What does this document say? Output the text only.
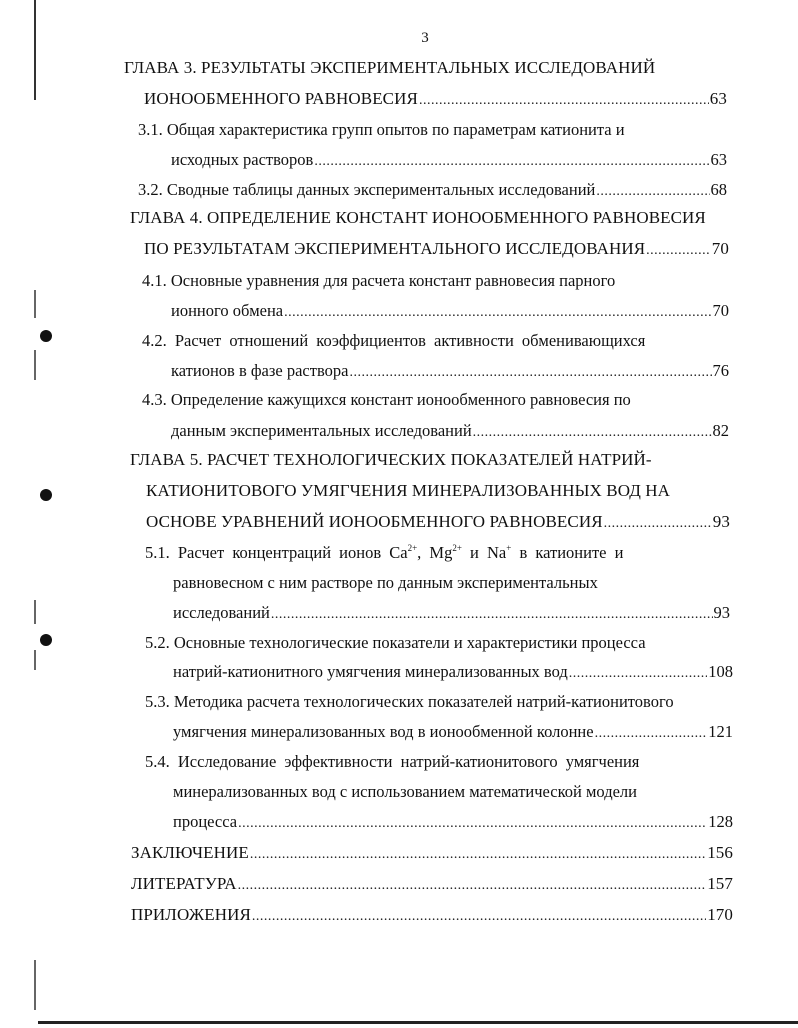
3
ГЛАВА 3. РЕЗУЛЬТАТЫ ЭКСПЕРИМЕНТАЛЬНЫХ ИССЛЕДОВАНИЙ
ИОНООБМЕННОГО РАВНОВЕСИЯ .....	63
3.1. Общая характеристика групп опытов по параметрам катионита и
исходных растворов .....	63
3.2. Сводные таблицы данных экспериментальных исследований .....	68
ГЛАВА 4. ОПРЕДЕЛЕНИЕ КОНСТАНТ ИОНООБМЕННОГО РАВНОВЕСИЯ
ПО РЕЗУЛЬТАТАМ ЭКСПЕРИМЕНТАЛЬНОГО ИССЛЕДОВАНИЯ .....	70
4.1. Основные уравнения для расчета констант равновесия парного
ионного обмена .....	70
4.2. Расчет отношений коэффициентов активности обменивающихся
катионов в фазе раствора .....	76
4.3. Определение кажущихся констант ионообменного равновесия по
данным экспериментальных исследований .....	82
ГЛАВА 5. РАСЧЕТ ТЕХНОЛОГИЧЕСКИХ ПОКАЗАТЕЛЕЙ НАТРИЙ-
КАТИОНИТОВОГО УМЯГЧЕНИЯ МИНЕРАЛИЗОВАННЫХ ВОД НА
ОСНОВЕ УРАВНЕНИЙ ИОНООБМЕННОГО РАВНОВЕСИЯ .....	93
5.1. Расчет концентраций ионов $Ca^{2+}$, $Mg^{2+}$ и Na+ в катионите и
равновесном с ним растворе по данным экспериментальных
исследований .....	93
5.2. Основные технологические показатели и характеристики процесса
натрий-катионитного умягчения минерализованных вод .....	108
5.3. Методика расчета технологических показателей натрий-катионитового
умягчения минерализованных вод в ионообменной колонне .....	121
5.4. Исследование эффективности натрий-катионитового умягчения
минерализованных вод с использованием математической модели
процесса .....	128
ЗАКЛЮЧЕНИЕ .....	156
ЛИТЕРАТУРА .....	157
ПРИЛОЖЕНИЯ .....	170
